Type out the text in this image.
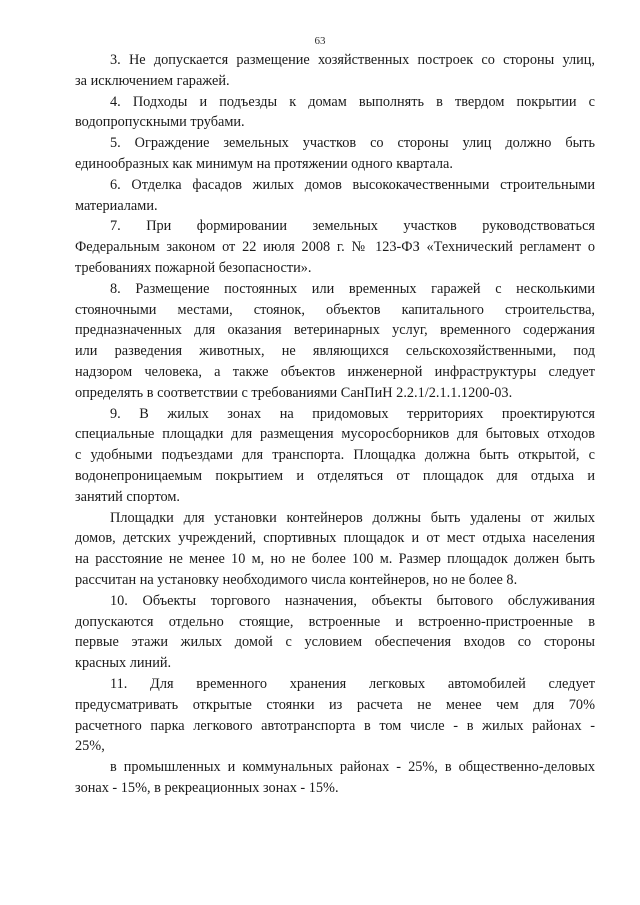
63
3. Не допускается размещение хозяйственных построек со стороны улиц,
за исключением гаражей.
4. Подходы и подъезды к домам выполнять в твердом покрытии с
водопропускными трубами.
5. Ограждение земельных участков со стороны улиц должно быть
единообразных как минимум на протяжении одного квартала.
6. Отделка фасадов жилых домов высококачественными строительными
материалами.
7. При формировании земельных участков руководствоваться
Федеральным законом от 22 июля 2008 г. № 123-ФЗ «Технический регламент о
требованиях пожарной безопасности».
8. Размещение постоянных или временных гаражей с несколькими
стояночными местами, стоянок, объектов капитального строительства,
предназначенных для оказания ветеринарных услуг, временного содержания
или разведения животных, не являющихся сельскохозяйственными, под
надзором человека, а также объектов инженерной инфраструктуры следует
определять в соответствии с требованиями СанПиН 2.2.1/2.1.1.1200-03.
9. В жилых зонах на придомовых территориях проектируются
специальные площадки для размещения мусоросборников для бытовых отходов
с удобными подъездами для транспорта. Площадка должна быть открытой, с
водонепроницаемым покрытием и отделяться от площадок для отдыха и
занятий спортом.
Площадки для установки контейнеров должны быть удалены от жилых
домов, детских учреждений, спортивных площадок и от мест отдыха населения
на расстояние не менее 10 м, но не более 100 м. Размер площадок должен быть
рассчитан на установку необходимого числа контейнеров, но не более 8.
10. Объекты торгового назначения, объекты бытового обслуживания
допускаются отдельно стоящие, встроенные и встроенно-пристроенные в
первые этажи жилых домой с условием обеспечения входов со стороны
красных линий.
11. Для временного хранения легковых автомобилей следует
предусматривать открытые стоянки из расчета не менее чем для 70%
расчетного парка легкового автотранспорта в том числе - в жилых районах -
25%,
в промышленных и коммунальных районах - 25%, в общественно-деловых
зонах - 15%, в рекреационных зонах - 15%.
